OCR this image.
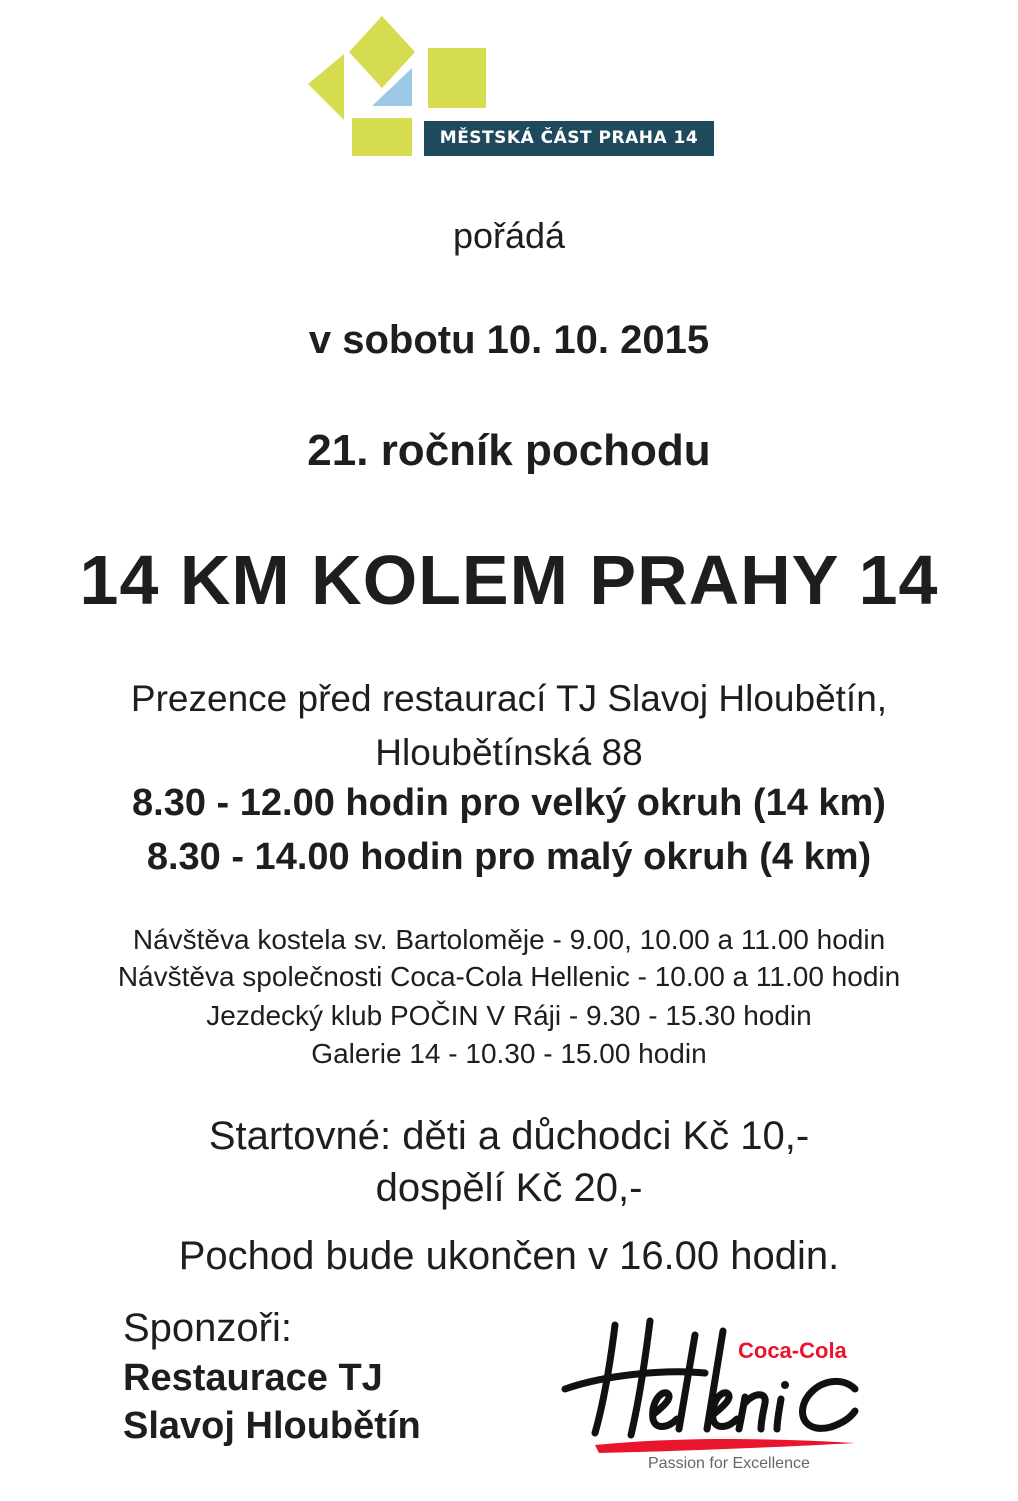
MĚSTSKÁ ČÁST PRAHA 14
pořádá
v sobotu 10. 10. 2015
21. ročník pochodu
14 KM KOLEM PRAHY 14
Prezence před restaurací TJ Slavoj Hloubětín,
Hloubětínská 88
8.30 - 12.00 hodin pro velký okruh (14 km)
8.30 - 14.00 hodin pro malý okruh (4 km)
Návštěva kostela sv. Bartoloměje - 9.00, 10.00 a 11.00 hodin
Návštěva společnosti Coca-Cola Hellenic - 10.00 a 11.00 hodin
Jezdecký klub POČIN V Ráji - 9.30 - 15.30 hodin
Galerie 14 - 10.30 - 15.00 hodin
Startovné: děti a důchodci Kč 10,-
dospělí Kč 20,-
Pochod bude ukončen v 16.00 hodin.
Sponzoři:
Restaurace TJ
Slavoj Hloubětín
Coca-Cola
Passion for Excellence
